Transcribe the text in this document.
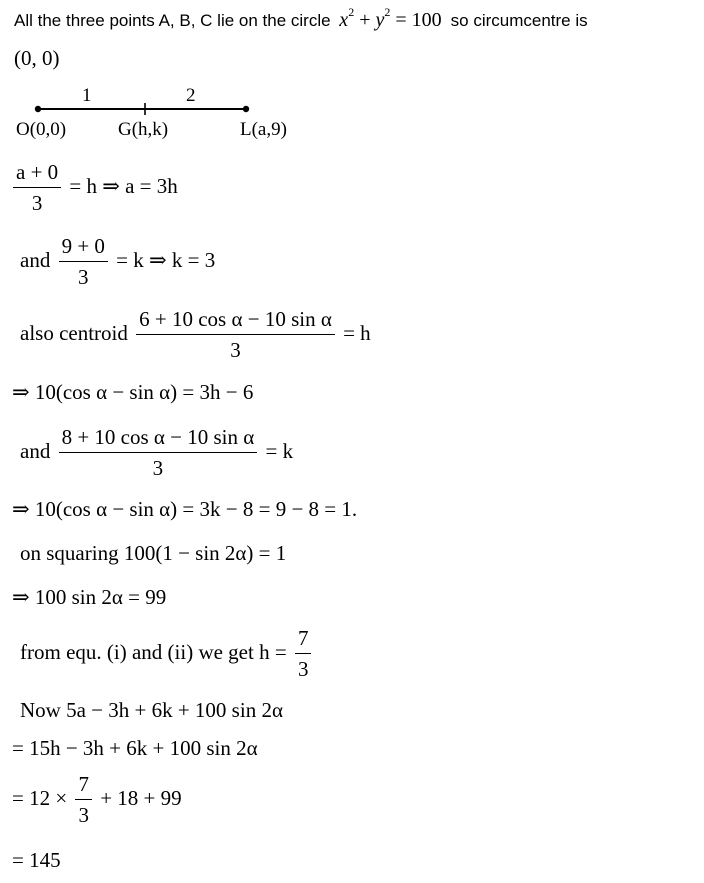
All the three points A, B, C lie on the circle $x^2 + y^2 = 100$ so circumcentre is
(0, 0)
1	2
O(0,0)	G(h,k)	L(a,9)
$\frac{a + 0}{3} = h$ ⇒ a = 3h
and $\frac{9 + 0}{3} = k$ ⇒ k = 3
also centroid $\frac{\text{6 + 10 cos α − 10 sin α}}{3} = h$
⇒ 10(cos α − sin α) = 3h − 6
and $\frac{\text{8 + 10 cos α − 10 sin α}}{3} = k$
⇒ 10(cos α − sin α) = 3k − 8 = 9 − 8 = 1.
on squaring 100(1 − sin 2α) = 1
⇒ 100 sin 2α = 99
from equ. (i) and (ii) we get $h = \frac{7}{3}$
Now 5a − 3h + 6k + 100 sin 2α
= 15h − 3h + 6k + 100 sin 2α
= $12 \times \frac{7}{3} + 18 + 99$
= 145
